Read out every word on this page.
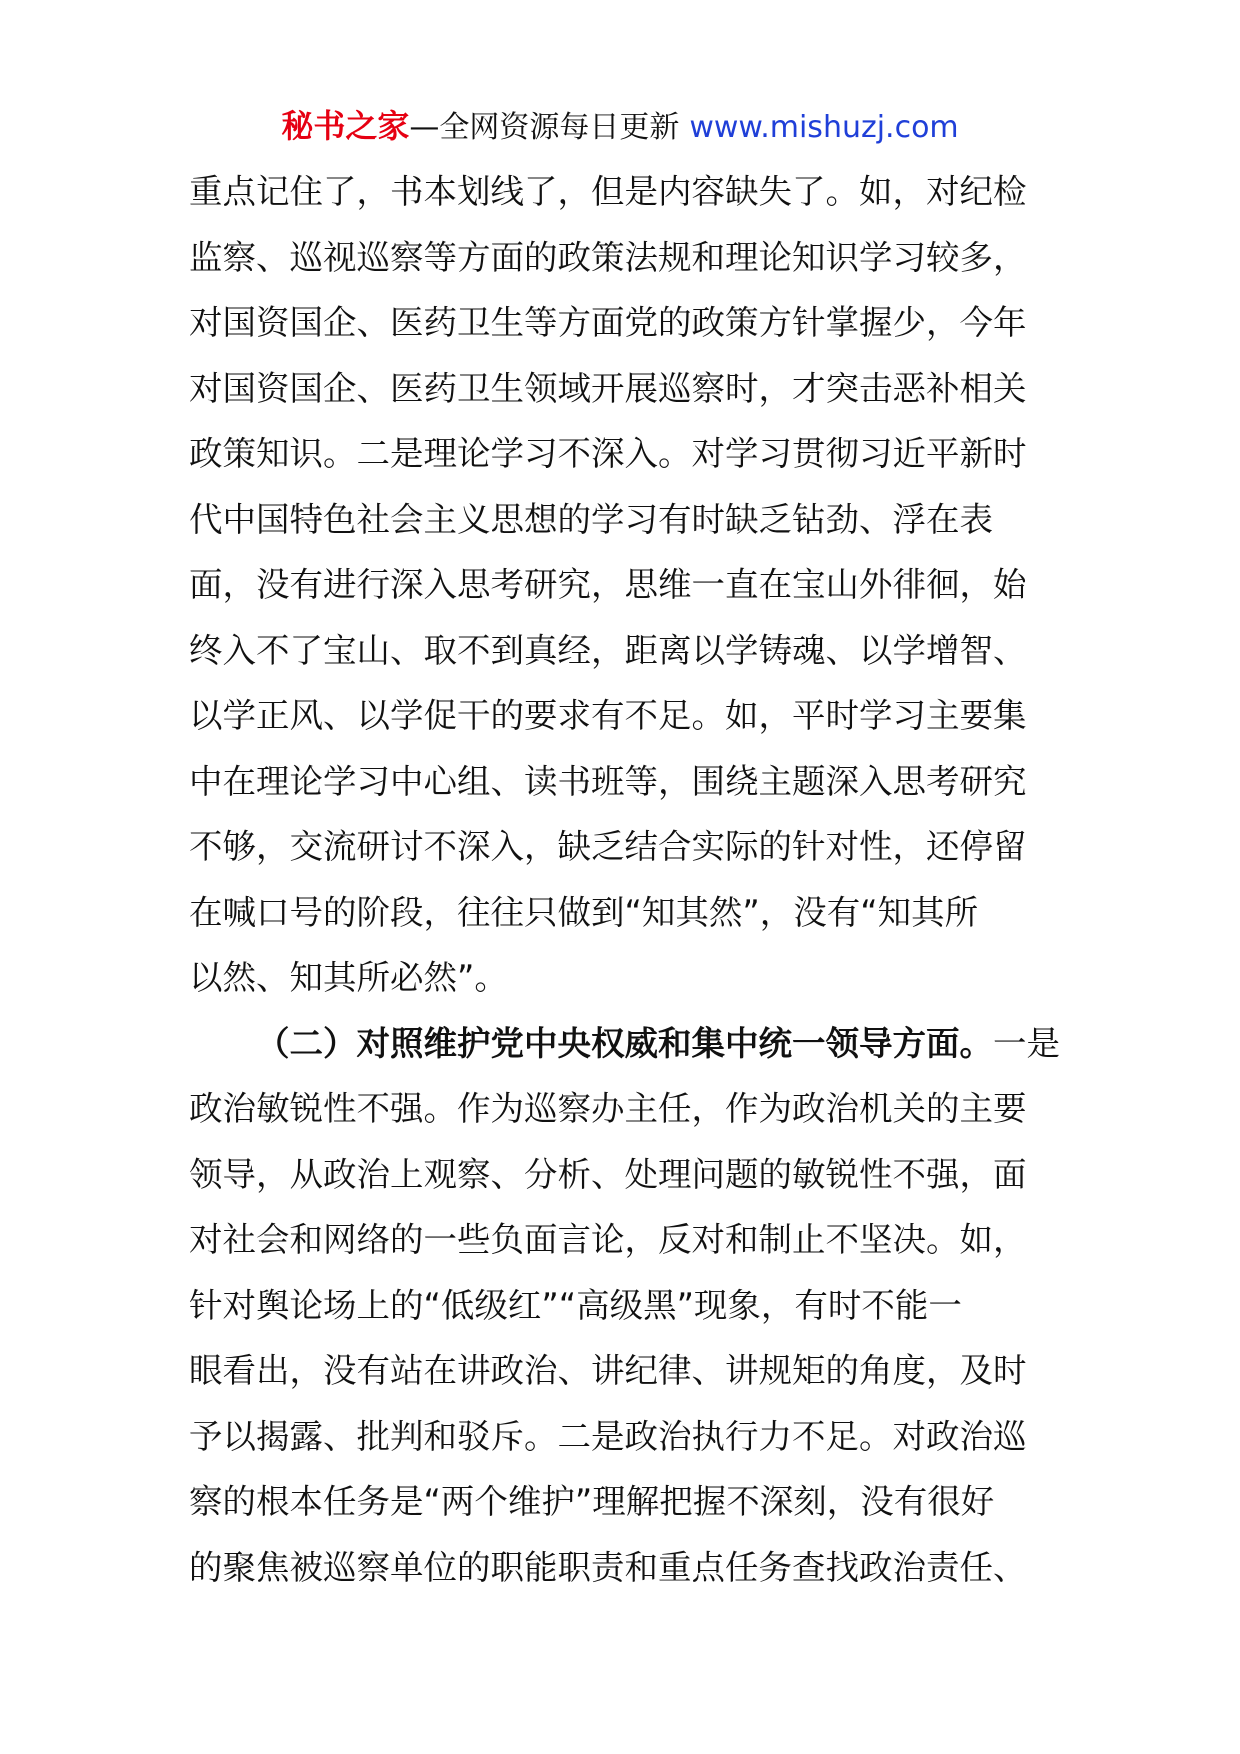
秘书之家—全网资源每日更新 www.mishuzj.com
重点记住了，书本划线了，但是内容缺失了。如，对纪检
监察、巡视巡察等方面的政策法规和理论知识学习较多，
对国资国企、医药卫生等方面党的政策方针掌握少，今年
对国资国企、医药卫生领域开展巡察时，才突击恶补相关
政策知识。二是理论学习不深入。对学习贯彻习近平新时
代中国特色社会主义思想的学习有时缺乏钻劲、浮在表
面，没有进行深入思考研究，思维一直在宝山外徘徊，始
终入不了宝山、取不到真经，距离以学铸魂、以学增智、
以学正风、以学促干的要求有不足。如，平时学习主要集
中在理论学习中心组、读书班等，围绕主题深入思考研究
不够，交流研讨不深入，缺乏结合实际的针对性，还停留
在喊口号的阶段，往往只做到“知其然”，没有“知其所
以然、知其所必然”。
（二）对照维护党中央权威和集中统一领导方面。一是
政治敏锐性不强。作为巡察办主任，作为政治机关的主要
领导，从政治上观察、分析、处理问题的敏锐性不强，面
对社会和网络的一些负面言论，反对和制止不坚决。如，
针对舆论场上的“低级红”“高级黑”现象，有时不能一
眼看出，没有站在讲政治、讲纪律、讲规矩的角度，及时
予以揭露、批判和驳斥。二是政治执行力不足。对政治巡
察的根本任务是“两个维护”理解把握不深刻，没有很好
的聚焦被巡察单位的职能职责和重点任务查找政治责任、
